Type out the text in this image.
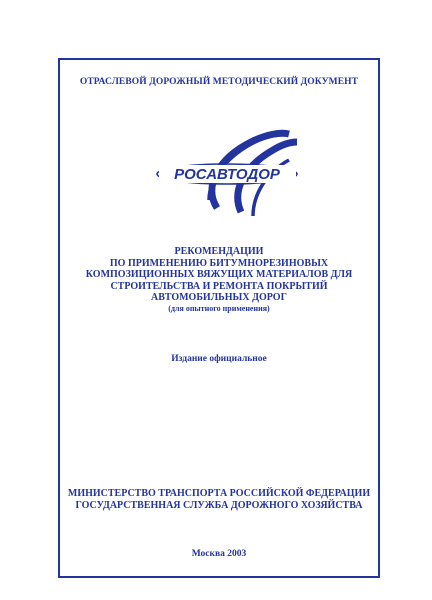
ОТРАСЛЕВОЙ ДОРОЖНЫЙ МЕТОДИЧЕСКИЙ ДОКУМЕНТ
РОСАВТОДОР
РЕКОМЕНДАЦИИ
ПО ПРИМЕНЕНИЮ БИТУМНОРЕЗИНОВЫХ
КОМПОЗИЦИОННЫХ ВЯЖУЩИХ МАТЕРИАЛОВ ДЛЯ
СТРОИТЕЛЬСТВА И РЕМОНТА ПОКРЫТИЙ
АВТОМОБИЛЬНЫХ ДОРОГ
(для опытного применения)
Издание официальное
МИНИСТЕРСТВО ТРАНСПОРТА РОССИЙСКОЙ ФЕДЕРАЦИИ
ГОСУДАРСТВЕННАЯ СЛУЖБА ДОРОЖНОГО ХОЗЯЙСТВА
Москва 2003
